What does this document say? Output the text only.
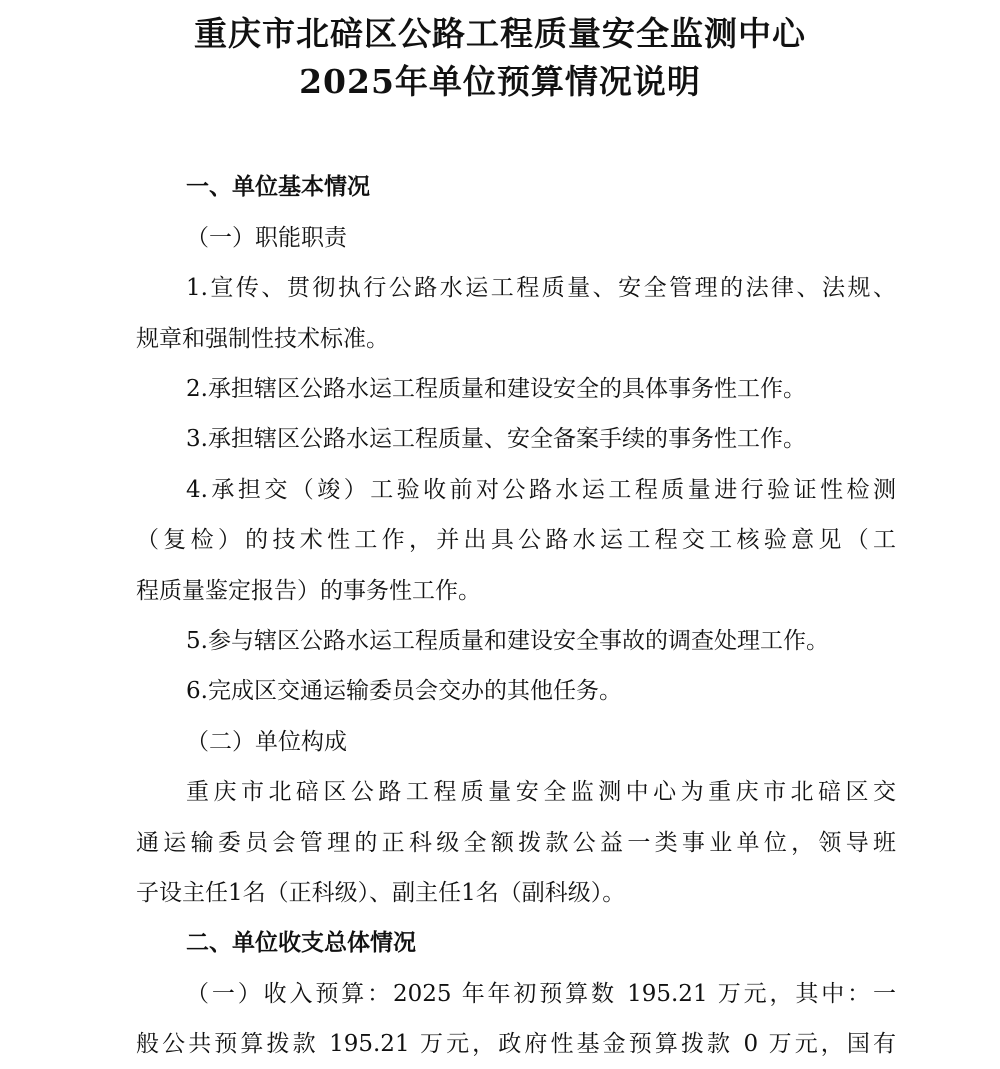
重庆市北碚区公路工程质量安全监测中心
2025年单位预算情况说明

一、单位基本情况

（一）职能职责

1.宣传、贯彻执行公路水运工程质量、安全管理的法律、法规、

规章和强制性技术标准。

2.承担辖区公路水运工程质量和建设安全的具体事务性工作。

3.承担辖区公路水运工程质量、安全备案手续的事务性工作。

4.承担交（竣）工验收前对公路水运工程质量进行验证性检测

（复检）的技术性工作，并出具公路水运工程交工核验意见（工

程质量鉴定报告）的事务性工作。

5.参与辖区公路水运工程质量和建设安全事故的调查处理工作。

6.完成区交通运输委员会交办的其他任务。

（二）单位构成

重庆市北碚区公路工程质量安全监测中心为重庆市北碚区交

通运输委员会管理的正科级全额拨款公益一类事业单位，领导班

子设主任1名（正科级）、副主任1名（副科级）。

二、单位收支总体情况

（一）收入预算：2025 年年初预算数 195.21 万元，其中：一

般公共预算拨款 195.21 万元，政府性基金预算拨款 0 万元，国有
